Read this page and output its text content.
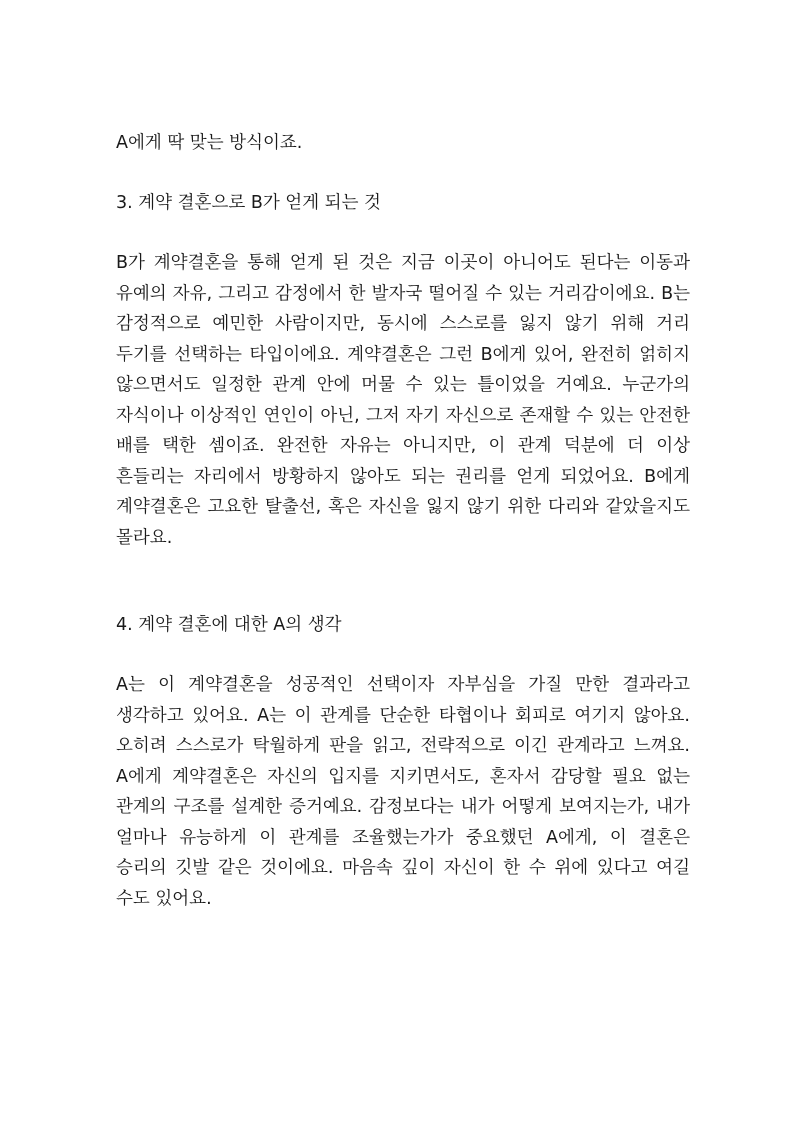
A에게 딱 맞는 방식이죠.

3. 계약 결혼으로 B가 얻게 되는 것

B가 계약결혼을 통해 얻게 된 것은 지금 이곳이 아니어도 된다는 이동과 유예의 자유, 그리고 감정에서 한 발자국 떨어질 수 있는 거리감이에요. B는 감정적으로 예민한 사람이지만, 동시에 스스로를 잃지 않기 위해 거리 두기를 선택하는 타입이에요. 계약결혼은 그런 B에게 있어, 완전히 얽히지 않으면서도 일정한 관계 안에 머물 수 있는 틀이었을 거예요. 누군가의 자식이나 이상적인 연인이 아닌, 그저 자기 자신으로 존재할 수 있는 안전한 배를 택한 셈이죠. 완전한 자유는 아니지만, 이 관계 덕분에 더 이상 흔들리는 자리에서 방황하지 않아도 되는 권리를 얻게 되었어요. B에게 계약결혼은 고요한 탈출선, 혹은 자신을 잃지 않기 위한 다리와 같았을지도 몰라요.

4. 계약 결혼에 대한 A의 생각

A는 이 계약결혼을 성공적인 선택이자 자부심을 가질 만한 결과라고 생각하고 있어요. A는 이 관계를 단순한 타협이나 회피로 여기지 않아요. 오히려 스스로가 탁월하게 판을 읽고, 전략적으로 이긴 관계라고 느껴요. A에게 계약결혼은 자신의 입지를 지키면서도, 혼자서 감당할 필요 없는 관계의 구조를 설계한 증거예요. 감정보다는 내가 어떻게 보여지는가, 내가 얼마나 유능하게 이 관계를 조율했는가가 중요했던 A에게, 이 결혼은 승리의 깃발 같은 것이에요. 마음속 깊이 자신이 한 수 위에 있다고 여길 수도 있어요.
